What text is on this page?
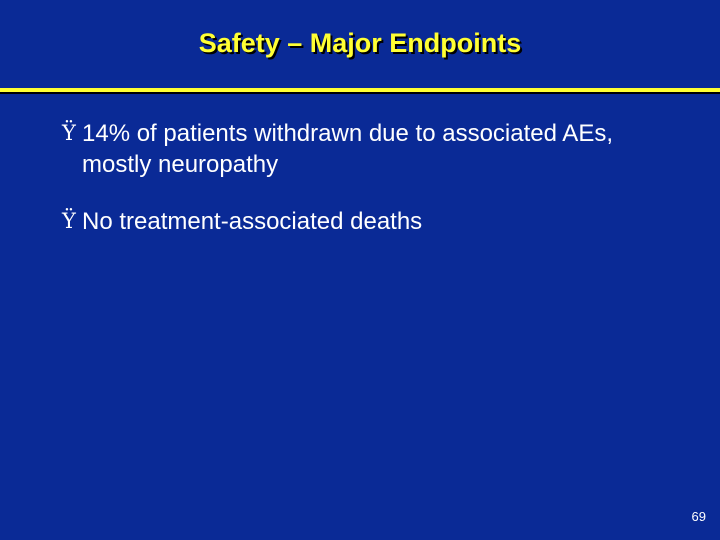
Safety – Major Endpoints
Ÿ 14% of patients withdrawn due to associated AEs, mostly neuropathy
Ÿ No treatment-associated deaths
69
